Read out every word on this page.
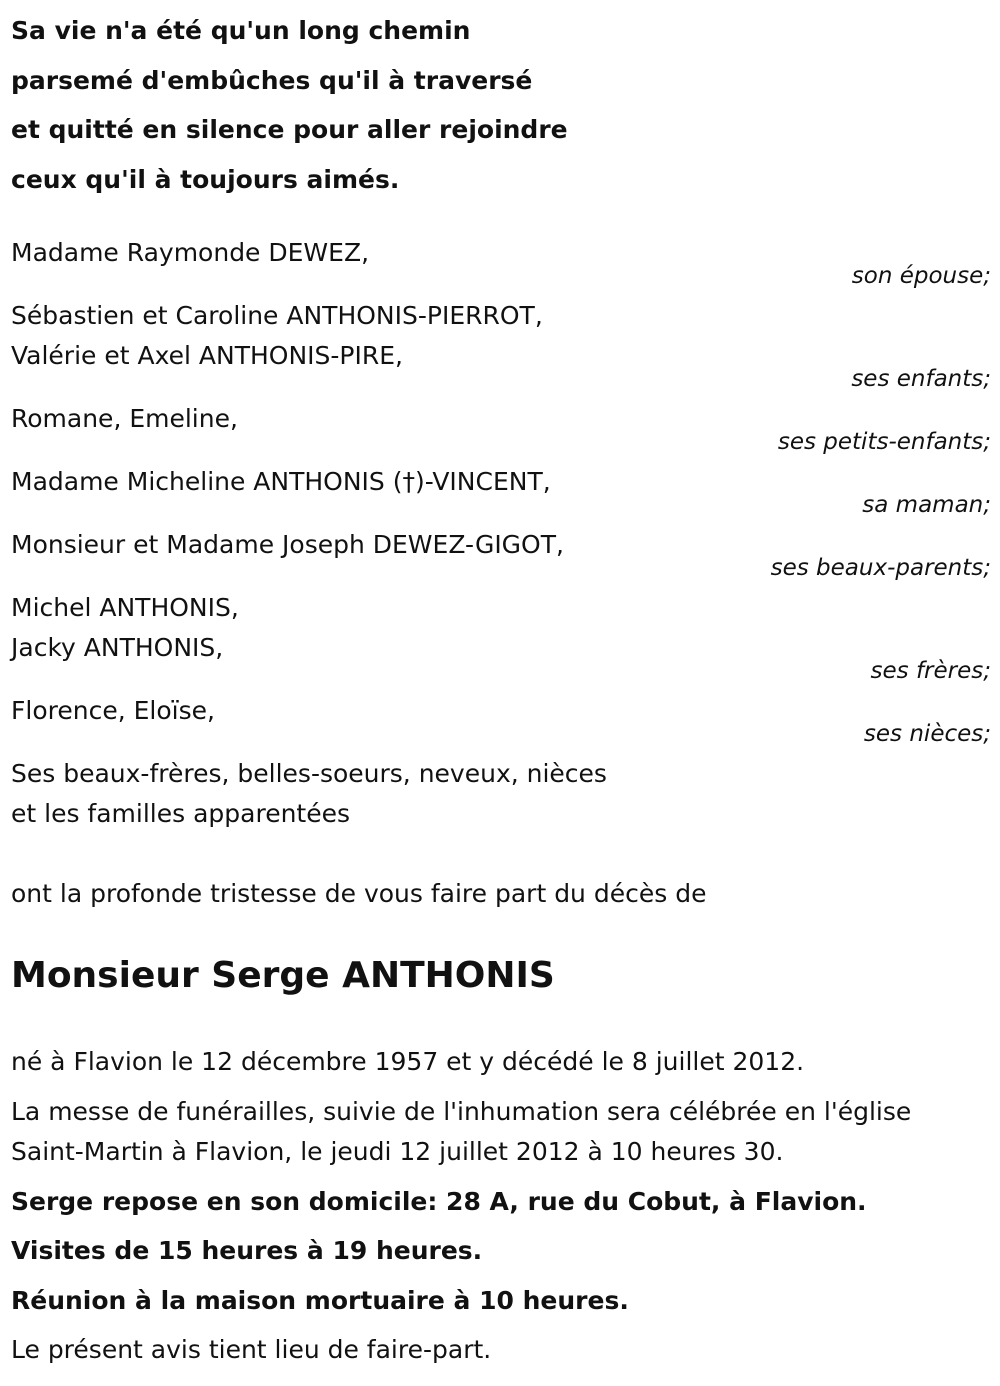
Sa vie n'a été qu'un long chemin
parsemé d'embûches qu'il à traversé
et quitté en silence pour aller rejoindre
ceux qu'il à toujours aimés.
Madame Raymonde DEWEZ,
son épouse;
Sébastien et Caroline ANTHONIS-PIERROT,
Valérie et Axel ANTHONIS-PIRE,
ses enfants;
Romane, Emeline,
ses petits-enfants;
Madame Micheline ANTHONIS (†)-VINCENT,
sa maman;
Monsieur et Madame Joseph DEWEZ-GIGOT,
ses beaux-parents;
Michel ANTHONIS,
Jacky ANTHONIS,
ses frères;
Florence, Eloïse,
ses nièces;
Ses beaux-frères, belles-soeurs, neveux, nièces
et les familles apparentées
ont la profonde tristesse de vous faire part du décès de
Monsieur Serge ANTHONIS
né à Flavion le 12 décembre 1957 et y décédé le 8 juillet 2012.
La messe de funérailles, suivie de l'inhumation sera célébrée en l'église
Saint-Martin à Flavion, le jeudi 12 juillet 2012 à 10 heures 30.
Serge repose en son domicile: 28 A, rue du Cobut, à Flavion.
Visites de 15 heures à 19 heures.
Réunion à la maison mortuaire à 10 heures.
Le présent avis tient lieu de faire-part.
